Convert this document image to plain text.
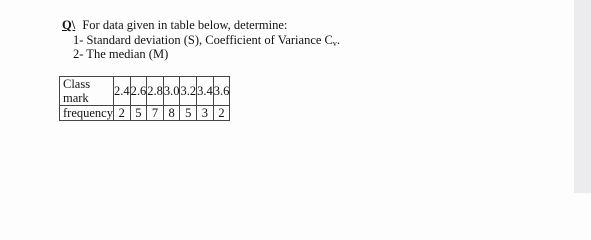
Q\ For data given in table below, determine:
1- Standard deviation (S), Coefficient of Variance $C_v$.
2- The median (M)
Class mark	2.4	2.6	2.8	3.0	3.2	3.4	3.6
frequency	2	5	7	8	5	3	2
